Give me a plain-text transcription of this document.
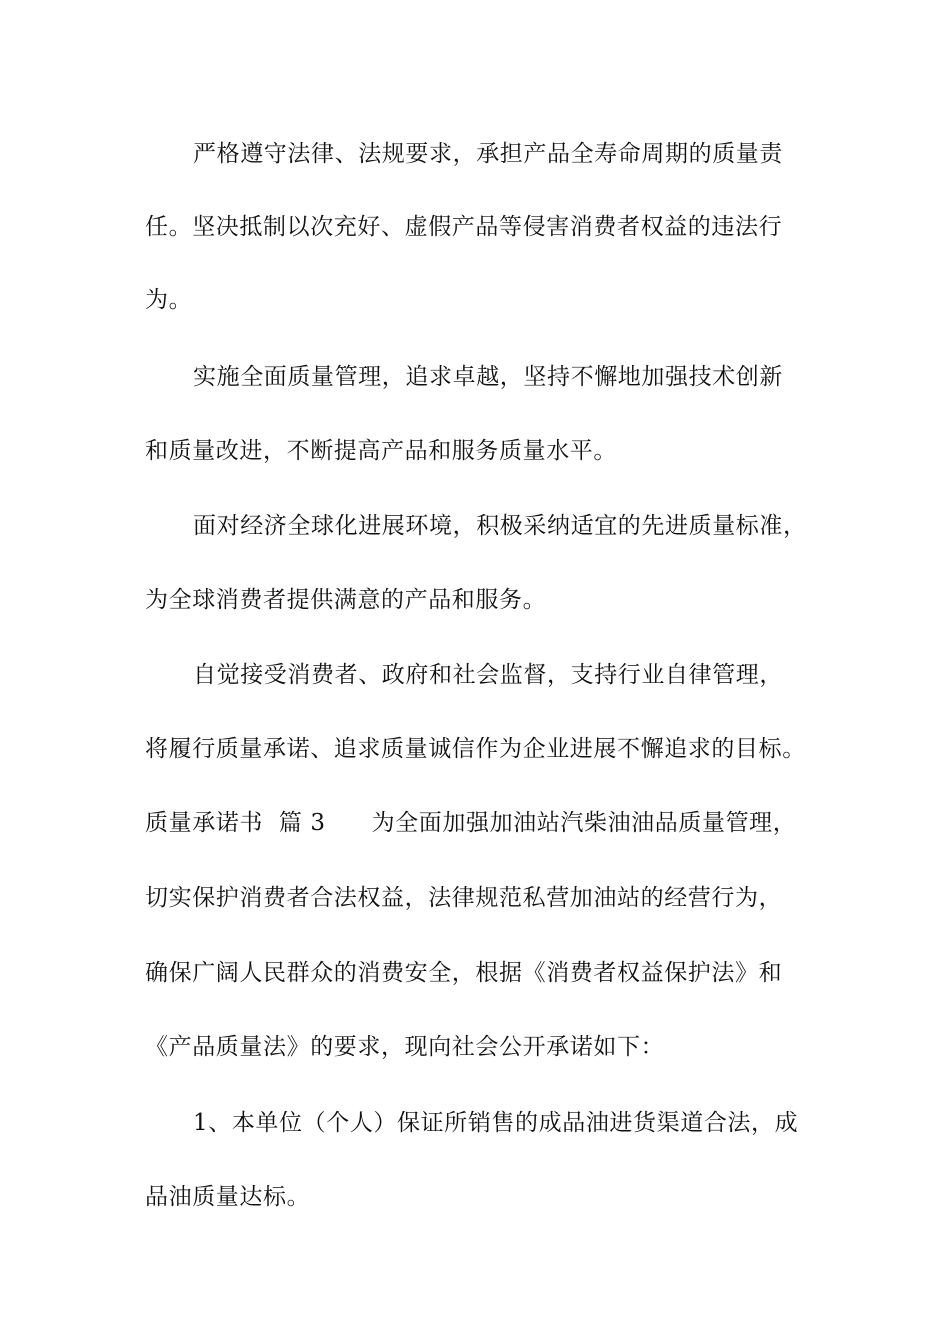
严格遵守法律、法规要求，承担产品全寿命周期的质量责
任。坚决抵制以次充好、虚假产品等侵害消费者权益的违法行
为。
实施全面质量管理，追求卓越，坚持不懈地加强技术创新
和质量改进，不断提高产品和服务质量水平。
面对经济全球化进展环境，积极采纳适宜的先进质量标准，
为全球消费者提供满意的产品和服务。
自觉接受消费者、政府和社会监督，支持行业自律管理，
将履行质量承诺、追求质量诚信作为企业进展不懈追求的目标。
质量承诺书  篇 3 为全面加强加油站汽柴油油品质量管理，
切实保护消费者合法权益，法律规范私营加油站的经营行为，
确保广阔人民群众的消费安全，根据《消费者权益保护法》和
《产品质量法》的要求，现向社会公开承诺如下：
1、本单位（个人）保证所销售的成品油进货渠道合法，成
品油质量达标。
